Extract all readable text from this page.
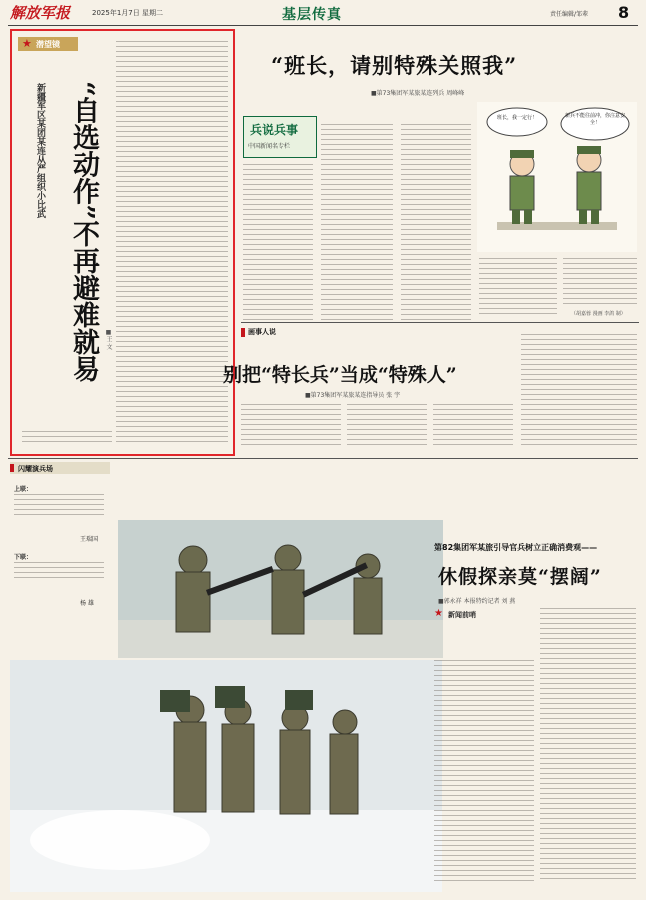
解放军报	2025年1月7日 星期二	基层传真	责任编辑/邹辈 8
★ 潜望镜
“自选动作”不再避难就易
新疆军区某团某连从严组织小比武
■王 文
“班长，请别特殊关照我”
■第73集团军某旅某连列兵 周峰峰
兵说兵事
中国新闻名专栏
班长，我一定行！	新兵不能往前冲，你注意安全！
（胡嘉蓉 漫画 李鸽 制）
画事人说
别把“特长兵”当成“特殊人”
■第73集团军某旅某连指导员 张 宇
闪耀演兵场
上联：
王瑞国
下联：
杨 雄
第82集团军某旅引导官兵树立正确消费观——
休假探亲莫“摆阔”
■郭永祥 本报特约记者 刘 燕
★ 新闻前哨
